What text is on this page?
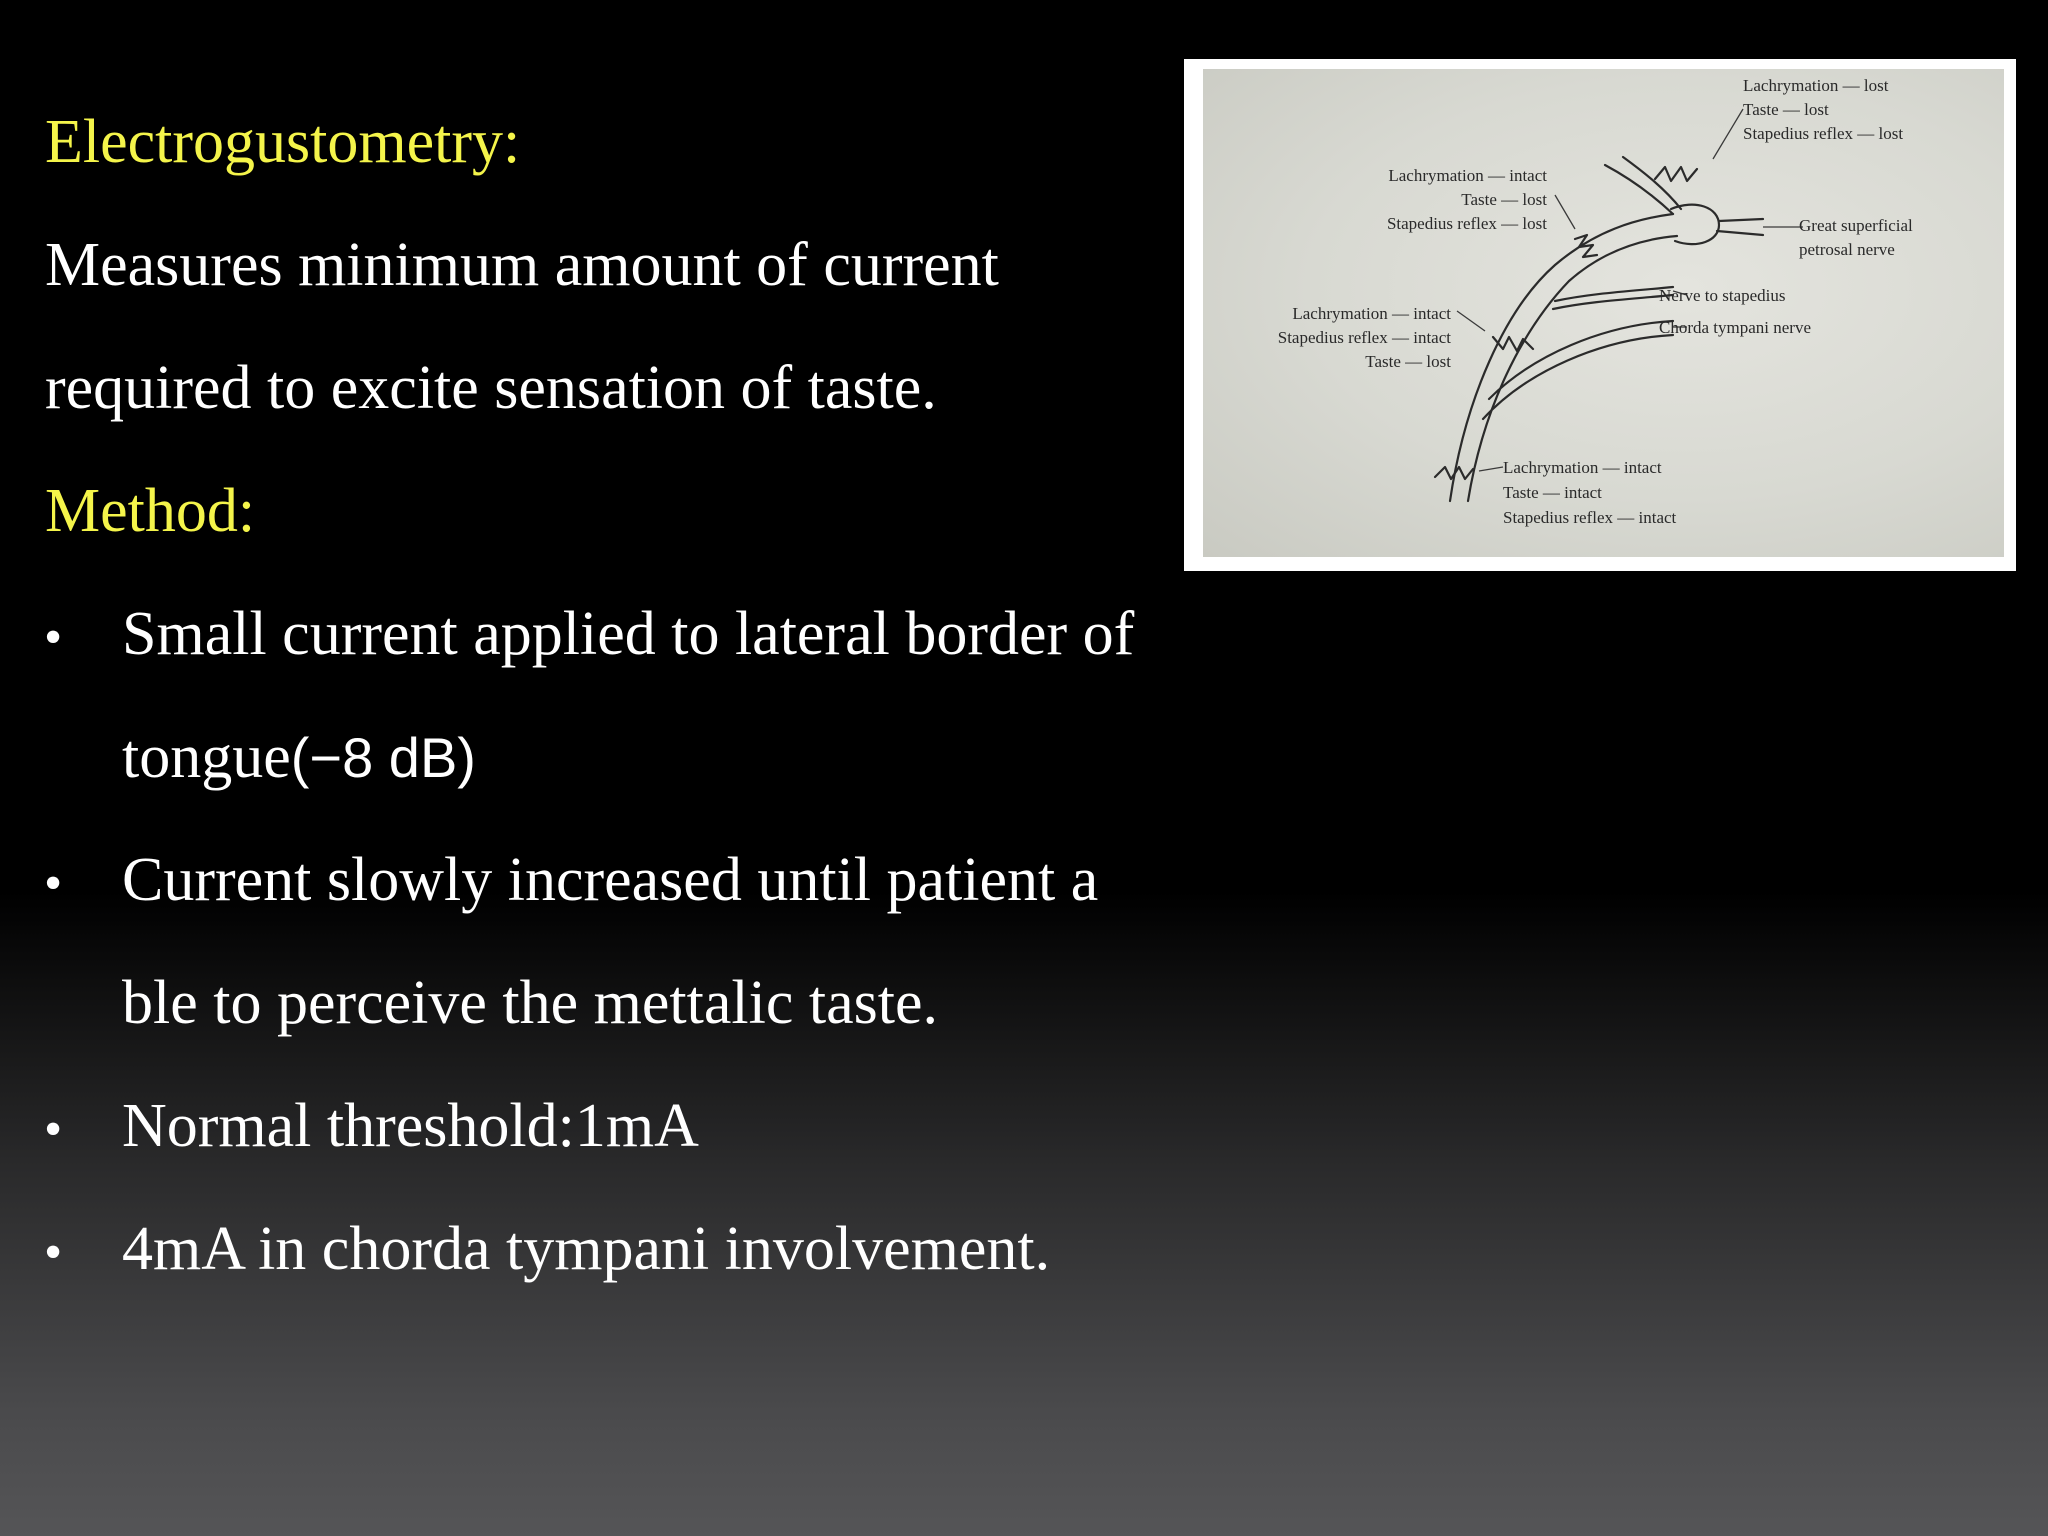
Electrogustometry:
Measures minimum amount of current
required to excite sensation of taste.
Method:
• Small current applied to lateral border of
tongue(−8 dB)
• Current slowly increased until patient a
ble to perceive the mettalic taste.
• Normal threshold:1mA
• 4mA in chorda tympani involvement.
Lachrymation — lost
Taste — lost
Stapedius reflex — lost
Lachrymation — intact
Taste — lost
Stapedius reflex — lost	Great superficial
petrosal nerve
Nerve to stapedius
Chorda tympani nerve
Lachrymation — intact
Stapedius reflex — intact
Taste — lost
Lachrymation — intact
Taste — intact
Stapedius reflex — intact
